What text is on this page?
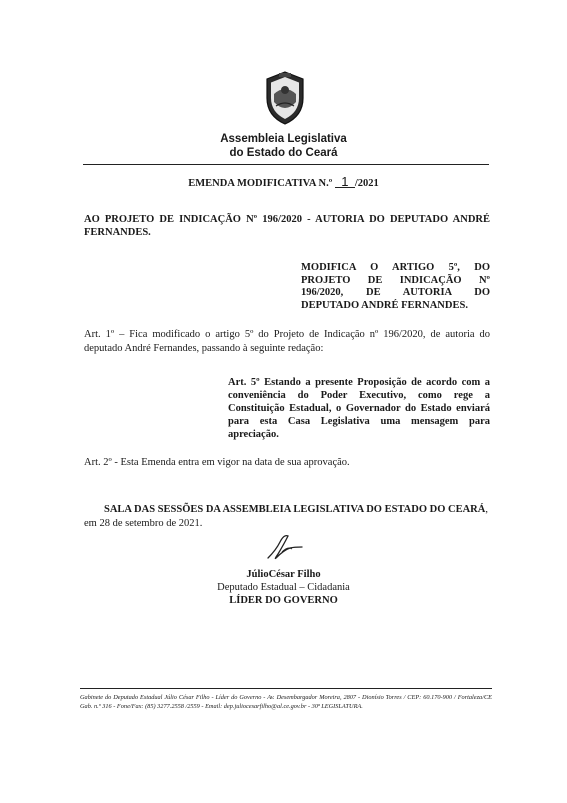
Assembleia Legislativa
do Estado do Ceará
EMENDA MODIFICATIVA N.º 1 /2021
AO PROJETO DE INDICAÇÃO Nº 196/2020 - AUTORIA DO DEPUTADO ANDRÉ FERNANDES.
MODIFICA O ARTIGO 5º, DO PROJETO DE INDICAÇÃO Nº 196/2020, DE AUTORIA DO DEPUTADO ANDRÉ FERNANDES.
Art. 1º – Fica modificado o artigo 5º do Projeto de Indicação nº 196/2020, de autoria do deputado André Fernandes, passando à seguinte redação:
Art. 5º Estando a presente Proposição de acordo com a conveniência do Poder Executivo, como rege a Constituição Estadual, o Governador do Estado enviará para esta Casa Legislativa uma mensagem para apreciação.
Art. 2º - Esta Emenda entra em vigor na data de sua aprovação.
SALA DAS SESSÕES DA ASSEMBLEIA LEGISLATIVA DO ESTADO DO CEARÁ, em 28 de setembro de 2021.
JúlioCésar Filho
Deputado Estadual – Cidadania
LÍDER DO GOVERNO
Gabinete do Deputado Estadual Júlio César Filho - Líder do Governo - Av. Desembargador Moreira, 2807 - Dionísio Torres / CEP: 60.170-900 / Fortaleza/CE Gab. n.º 316 - Fone/Fax: (85) 3277.2558 /2559 - Email: dep.juliocesarfilho@al.ce.gov.br - 30ª LEGISLATURA.
